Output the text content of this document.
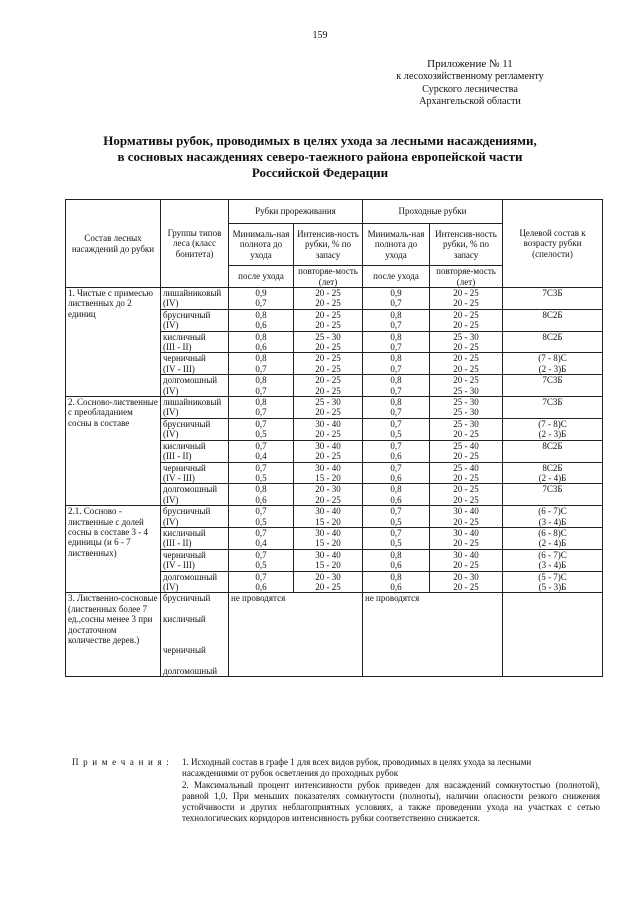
159
Приложение № 11
к лесохозяйственному регламенту
Сурского лесничества
Архангельской области
Нормативы рубок, проводимых в целях ухода за лесными насаждениями,
в сосновых насаждениях северо-таежного района европейской части
Российской Федерации
Состав лесных насаждений до рубки	Группы типов леса (класс бонитета)	Рубки прореживания		Проходные рубки		Целевой состав к возрасту рубки (спелости)
		Минималь-ная полнота до ухода	Интенсив-ность рубки, % по запасу	Минималь-ная полнота до ухода	Интенсив-ность рубки, % по запасу	
		после ухода	повторяе-мость (лет)	после ухода	повторяе-мость (лет)	
1. Чистые с примесью лиственных до 2 единиц	лишайниковый	0,9	20 - 25	0,9	20 - 25	7С3Б
	(IV)	0,7	20 - 25	0,7	20 - 25	
	брусничный	0,8	20 - 25	0,8	20 - 25	8С2Б
	(IV)	0,6	20 - 25	0,7	20 - 25	
	кисличный	0,8	25 - 30	0,8	25 - 30	8С2Б
	(III - II)	0,6	20 - 25	0,7	20 - 25	
	черничный	0,8	20 - 25	0,8	20 - 25	(7 - 8)С
	(IV - III)	0,7	20 - 25	0,7	20 - 25	(2 - 3)Б
	долгомошный	0,8	20 - 25	0,8	20 - 25	7С3Б
	(IV)	0,7	20 - 25	0,7	25 - 30	
2. Сосново-лиственные с преобладанием сосны в составе	лишайниковый	0,8	25 - 30	0,8	25 - 30	7С3Б
	(IV)	0,7	20 - 25	0,7	25 - 30	
	брусничный	0,7	30 - 40	0,7	25 - 30	(7 - 8)С
	(IV)	0,5	20 - 25	0,5	20 - 25	(2 - 3)Б
	кисличный	0,7	30 - 40	0,7	25 - 40	8С2Б
	(III - II)	0,4	20 - 25	0,6	20 - 25	
	черничный	0,7	30 - 40	0,7	25 - 40	8С2Б
	(IV - III)	0,5	15 - 20	0,6	20 - 25	(2 - 4)Б
	долгомошный	0,8	20 - 30	0,8	20 - 25	7С3Б
	(IV)	0,6	20 - 25	0,6	20 - 25	
2.1. Сосново - лиственные с долей сосны в составе 3 - 4 единицы (и 6 - 7 лиственных)	брусничный	0,7	30 - 40	0,7	30 - 40	(6 - 7)С
	(IV)	0,5	15 - 20	0,5	20 - 25	(3 - 4)Б
	кисличный	0,7	30 - 40	0,7	30 - 40	(6 - 8)С
	(III - II)	0,4	15 - 20	0,5	20 - 25	(2 - 4)Б
	черничный	0,7	30 - 40	0,8	30 - 40	(6 - 7)С
	(IV - III)	0,5	15 - 20	0,6	20 - 25	(3 - 4)Б
	долгомошный	0,7	20 - 30	0,8	20 - 30	(5 - 7)С
	(IV)	0,6	20 - 25	0,6	20 - 25	(5 - 3)Б
3. Лиственно-сосновые (лиственных более 7 ед.,сосны менее 3 при достаточном количестве дерев.)	брусничный	не проводятся		не проводятся		
	кисличный					
	черничный					
	долгомошный					
П р и м е ч а н и я :	1. Исходный состав в графе 1 для всех видов рубок, проводимых в целях ухода за лесными
насаждениями от рубок осветления до проходных рубок
2. Максимальный процент интенсивности рубок приведен для насаждений сомкнутостью (полнотой), равной 1,0. При меньших показателях сомкнутости (полноты), наличии опасности резкого снижения устойчивости и других неблагоприятных условиях, а также проведении ухода на участках с сетью технологических коридоров интенсивность рубки соответственно снижается.
